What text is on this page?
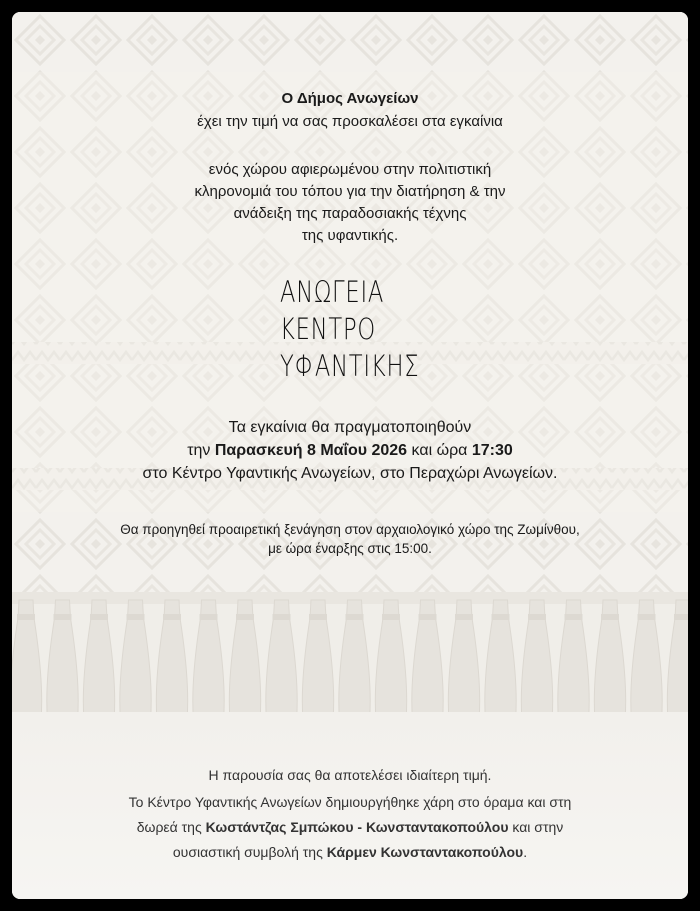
Ο Δήμος Ανωγείων
έχει την τιμή να σας προσκαλέσει στα εγκαίνια
ενός χώρου αφιερωμένου στην πολιτιστική
κληρονομιά του τόπου για την διατήρηση & την
ανάδειξη της παραδοσιακής τέχνης
της υφαντικής.
ΑΝΩΓΕΙΑ
ΚΕΝΤΡΟ
ΥΦΑΝΤΙΚΗΣ
Τα εγκαίνια θα πραγματοποιηθούν
την Παρασκευή 8 Μαΐου 2026 και ώρα 17:30
στο Κέντρο Υφαντικής Ανωγείων, στο Περαχώρι Ανωγείων.
Θα προηγηθεί προαιρετική ξενάγηση στον αρχαιολογικό χώρο της Ζωμίνθου,
με ώρα έναρξης στις 15:00.
Η παρουσία σας θα αποτελέσει ιδιαίτερη τιμή.
Το Κέντρο Υφαντικής Ανωγείων δημιουργήθηκε χάρη στο όραμα και στη
δωρεά της Κωστάντζας Σμπώκου - Κωνσταντακοπούλου και στην
ουσιαστική συμβολή της Κάρμεν Κωνσταντακοπούλου.
